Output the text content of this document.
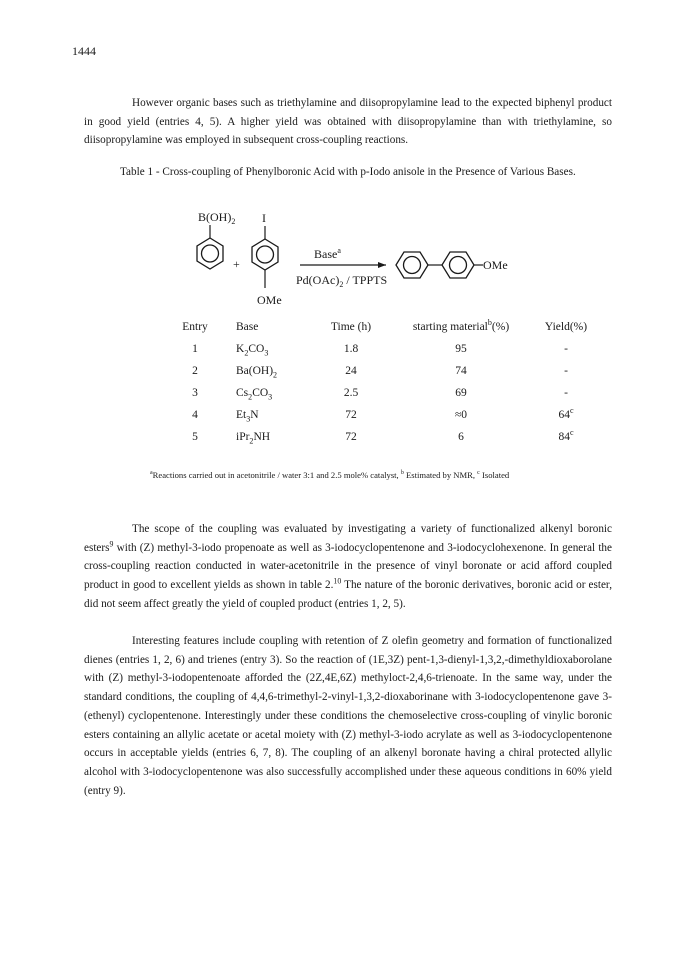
1444

However organic bases such as triethylamine and diisopropylamine lead to the expected biphenyl product in good yield (entries 4, 5). A higher yield was obtained with diisopropylamine than with triethylamine, so diisopropylamine was employed in subsequent cross-coupling reactions.

Table 1 - Cross-coupling of Phenylboronic Acid with p-Iodo anisole in the Presence of Various Bases.
$B(OH)_2$
+
I
OMe
Base$^a$
$Pd(OAc)_2$ / TPPTS
OMe
Entry	Base	Time (h)	starting material$^b$(%)	Yield(%)
1	$K_2CO_3$	1.8	95	-
2	$Ba(OH)_2$	24	74	-
3	$Cs_2CO_3$	2.5	69	-
4	$Et_3N$	72	≈0	64$^c$
5	iPr$_2$NH	72	6	84$^c$
$^a$Reactions carried out in acetonitrile / water 3:1 and 2.5 mole% catalyst, $^b$ Estimated by NMR, $^c$ Isolated

The scope of the coupling was evaluated by investigating a variety of functionalized alkenyl boronic esters$^9$ with (Z) methyl-3-iodo propenoate as well as 3-iodocyclopentenone and 3-iodocyclohexenone. In general the cross-coupling reaction conducted in water-acetonitrile in the presence of vinyl boronate or acid afford coupled product in good to excellent yields as shown in table 2.10 The nature of the boronic derivatives, boronic acid or ester, did not seem affect greatly the yield of coupled product (entries 1, 2, 5).

Interesting features include coupling with retention of Z olefin geometry and formation of functionalized dienes (entries 1, 2, 6) and trienes (entry 3). So the reaction of (1E,3Z) pent-1,3-dienyl-1,3,2,-dimethyldioxaborolane with (Z) methyl-3-iodopentenoate afforded the (2Z,4E,6Z) methyloct-2,4,6-trienoate. In the same way, under the standard conditions, the coupling of 4,4,6-trimethyl-2-vinyl-1,3,2-dioxaborinane with 3-iodocyclopentenone gave 3-(ethenyl) cyclopentenone. Interestingly under these conditions the chemoselective cross-coupling of vinylic boronic esters containing an allylic acetate or acetal moiety with (Z) methyl-3-iodo acrylate as well as 3-iodocyclopentenone occurs in acceptable yields (entries 6, 7, 8). The coupling of an alkenyl boronate having a chiral protected allylic alcohol with 3-iodocyclopentenone was also successfully accomplished under these aqueous conditions in 60% yield (entry 9).
